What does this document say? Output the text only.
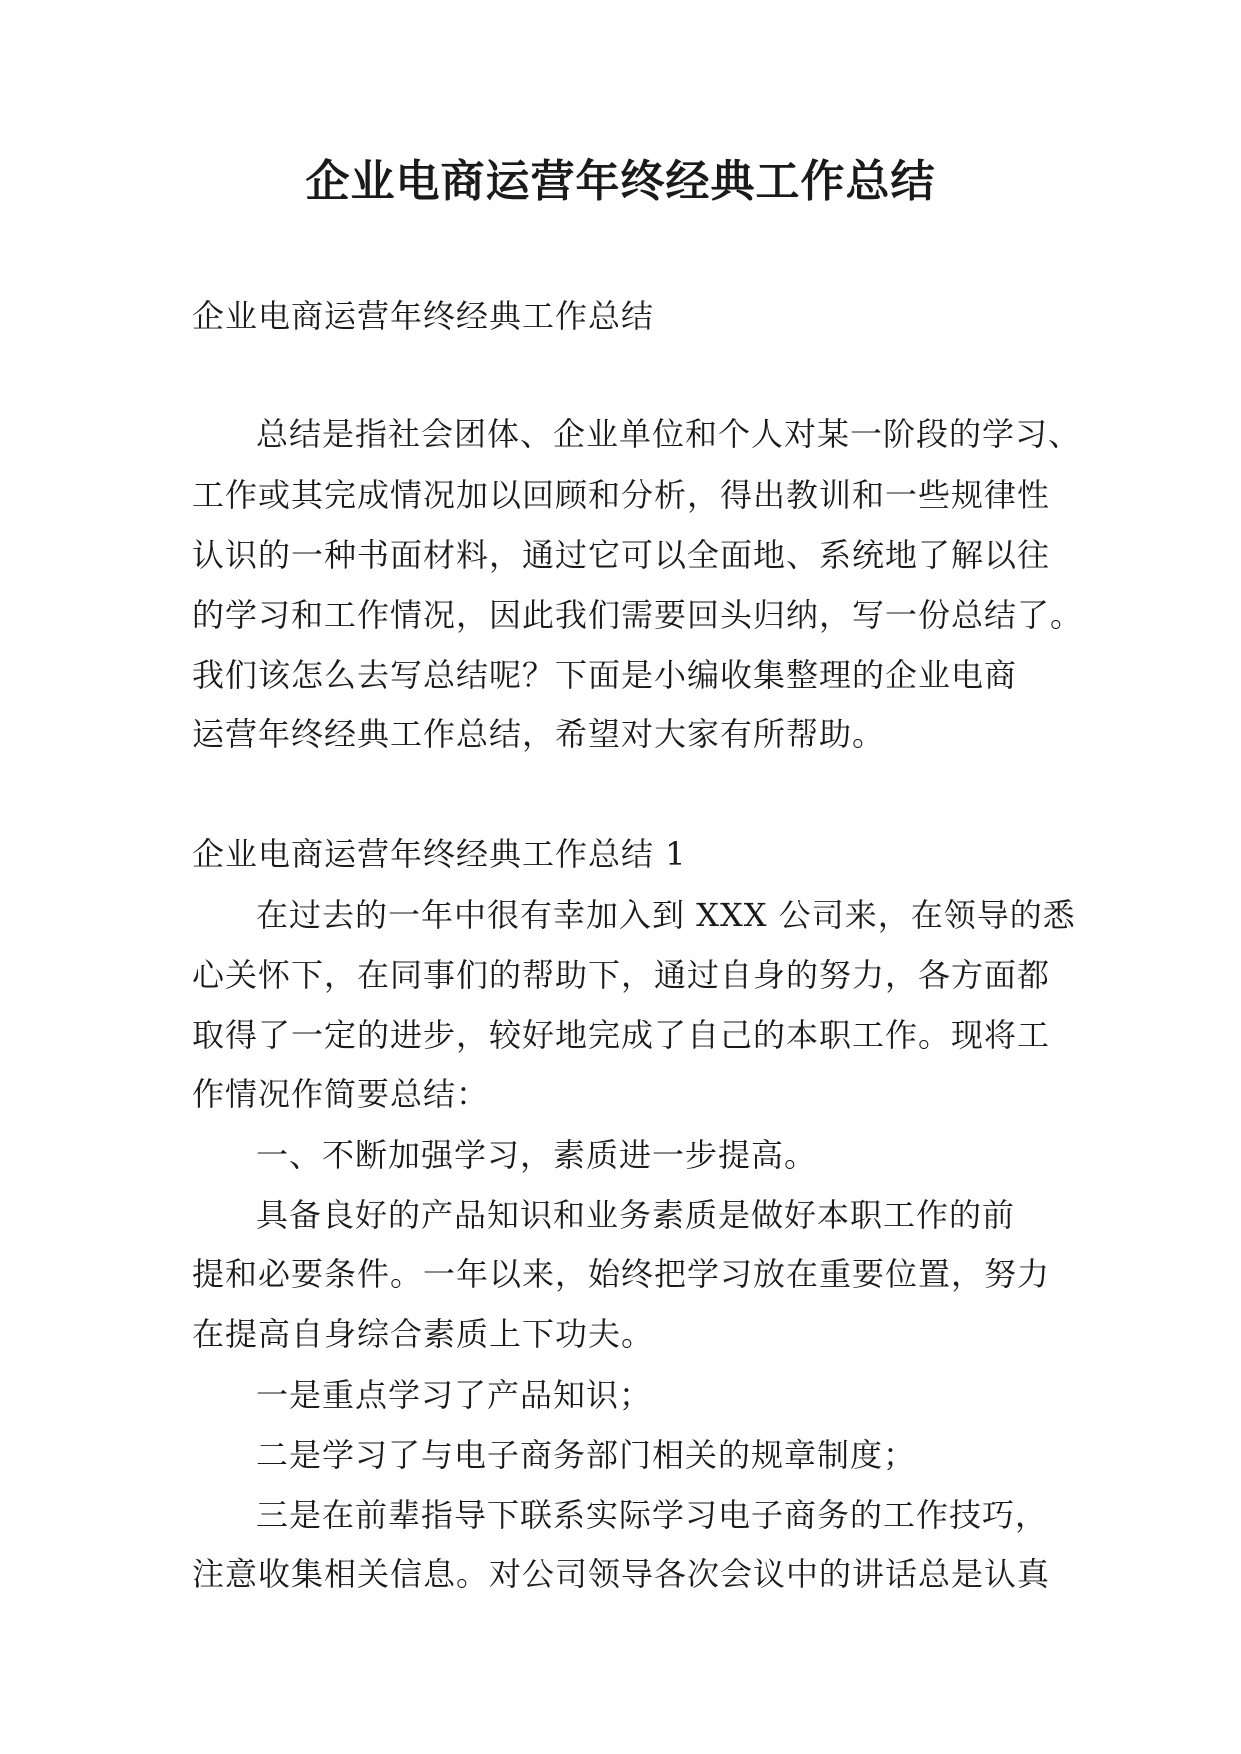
企业电商运营年终经典工作总结
企业电商运营年终经典工作总结
总结是指社会团体、企业单位和个人对某一阶段的学习、
工作或其完成情况加以回顾和分析，得出教训和一些规律性
认识的一种书面材料，通过它可以全面地、系统地了解以往
的学习和工作情况，因此我们需要回头归纳，写一份总结了。
我们该怎么去写总结呢？下面是小编收集整理的企业电商
运营年终经典工作总结，希望对大家有所帮助。
企业电商运营年终经典工作总结 1
在过去的一年中很有幸加入到 XXX 公司来，在领导的悉
心关怀下，在同事们的帮助下，通过自身的努力，各方面都
取得了一定的进步，较好地完成了自己的本职工作。现将工
作情况作简要总结：
一、不断加强学习，素质进一步提高。
具备良好的产品知识和业务素质是做好本职工作的前
提和必要条件。一年以来，始终把学习放在重要位置，努力
在提高自身综合素质上下功夫。
一是重点学习了产品知识；
二是学习了与电子商务部门相关的规章制度；
三是在前辈指导下联系实际学习电子商务的工作技巧，
注意收集相关信息。对公司领导各次会议中的讲话总是认真
